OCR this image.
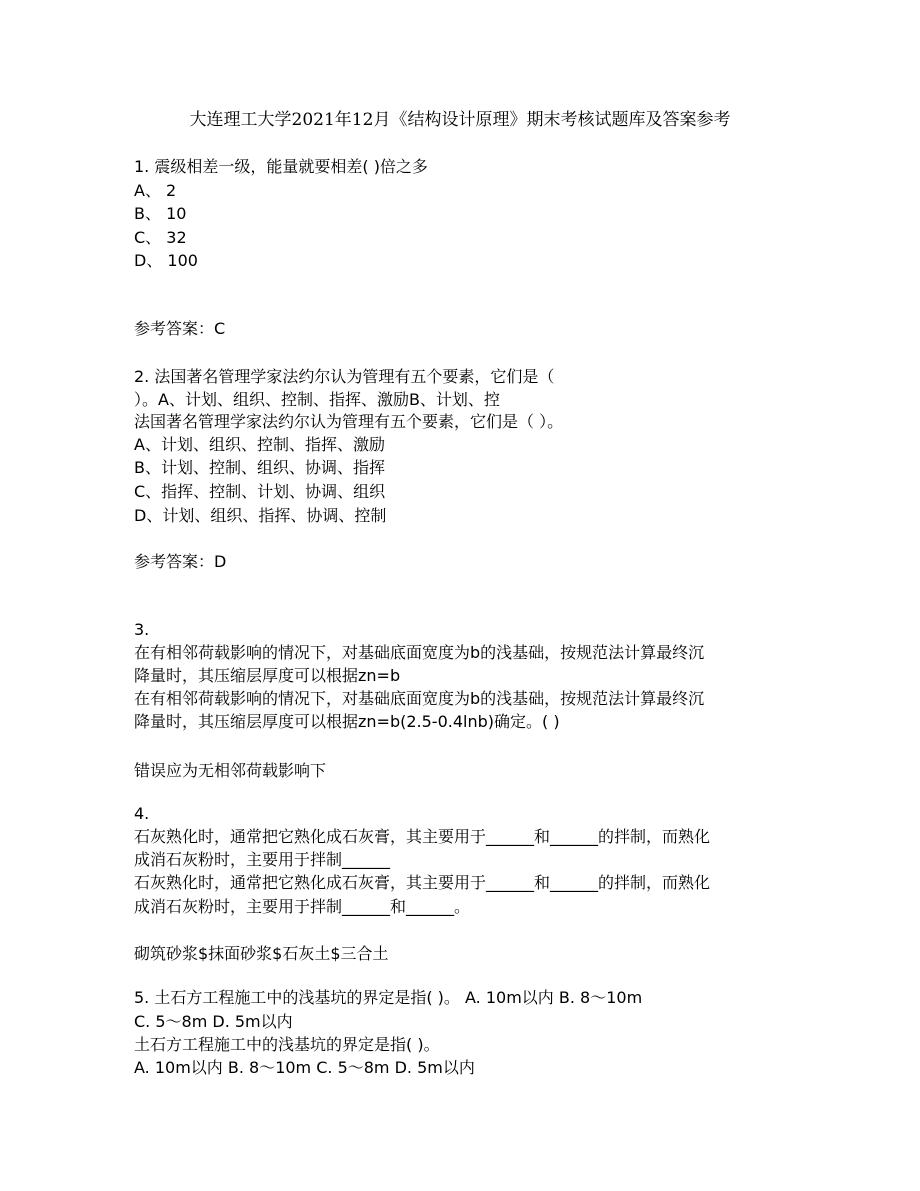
大连理工大学2021年12月《结构设计原理》期末考核试题库及答案参考
1. 震级相差一级，能量就要相差( )倍之多
A、 2
B、 10
C、 32
D、 100
参考答案：C
2. 法国著名管理学家法约尔认为管理有五个要素，它们是（
）。A、计划、组织、控制、指挥、激励B、计划、控
法国著名管理学家法约尔认为管理有五个要素，它们是（ ）。
A、计划、组织、控制、指挥、激励
B、计划、控制、组织、协调、指挥
C、指挥、控制、计划、协调、组织
D、计划、组织、指挥、协调、控制
参考答案：D
3.
在有相邻荷载影响的情况下，对基础底面宽度为b的浅基础，按规范法计算最终沉
降量时，其压缩层厚度可以根据zn=b
在有相邻荷载影响的情况下，对基础底面宽度为b的浅基础，按规范法计算最终沉
降量时，其压缩层厚度可以根据zn=b(2.5-0.4lnb)确定。( )
错误应为无相邻荷载影响下
4.
石灰熟化时，通常把它熟化成石灰膏，其主要用于______和______的拌制，而熟化
成消石灰粉时，主要用于拌制______
石灰熟化时，通常把它熟化成石灰膏，其主要用于______和______的拌制，而熟化
成消石灰粉时，主要用于拌制______和______。
砌筑砂浆$抹面砂浆$石灰土$三合土
5. 土石方工程施工中的浅基坑的界定是指( )。 A. 10m以内 B. 8～10m
C. 5～8m D. 5m以内
土石方工程施工中的浅基坑的界定是指( )。
A. 10m以内 B. 8～10m C. 5～8m D. 5m以内
